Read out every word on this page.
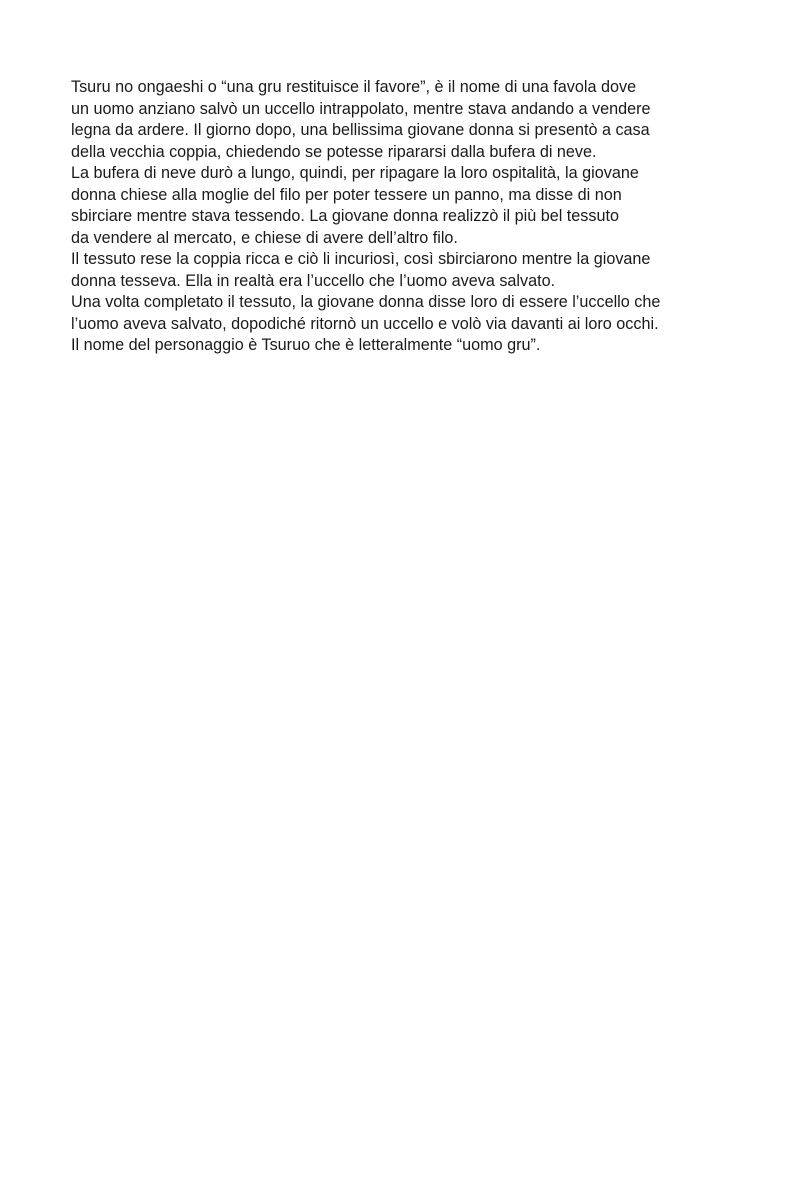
Tsuru no ongaeshi o “una gru restituisce il favore”, è il nome di una favola dove
un uomo anziano salvò un uccello intrappolato, mentre stava andando a vendere
legna da ardere. Il giorno dopo, una bellissima giovane donna si presentò a casa
della vecchia coppia, chiedendo se potesse ripararsi dalla bufera di neve.
La bufera di neve durò a lungo, quindi, per ripagare la loro ospitalità, la giovane
donna chiese alla moglie del filo per poter tessere un panno, ma disse di non
sbirciare mentre stava tessendo. La giovane donna realizzò il più bel tessuto
da vendere al mercato, e chiese di avere dell’altro filo.
Il tessuto rese la coppia ricca e ciò li incuriosì, così sbirciarono mentre la giovane
donna tesseva. Ella in realtà era l’uccello che l’uomo aveva salvato.
Una volta completato il tessuto, la giovane donna disse loro di essere l’uccello che
l’uomo aveva salvato, dopodiché ritornò un uccello e volò via davanti ai loro occhi.
Il nome del personaggio è Tsuruo che è letteralmente “uomo gru”.
